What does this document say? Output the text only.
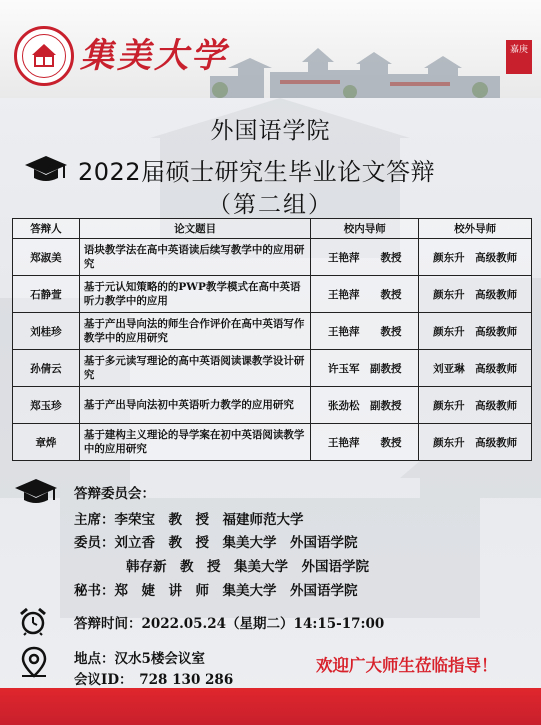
集美大学	嘉庚
外国语学院
2022届硕士研究生毕业论文答辩
（第二组）
答辩人	论文题目	校内导师	校外导师
郑淑美	语块教学法在高中英语读后续写教学中的应用研究	王艳萍　　教授	颜东升　高级教师
石静萱	基于元认知策略的的PWP教学模式在高中英语听力教学中的应用	王艳萍　　教授	颜东升　高级教师
刘桂珍	基于产出导向法的师生合作评价在高中英语写作教学中的应用研究	王艳萍　　教授	颜东升　高级教师
孙倩云	基于多元读写理论的高中英语阅读课教学设计研究	许玉军　副教授	刘亚琳　高级教师
郑玉珍	基于产出导向法初中英语听力教学的应用研究	张劲松　副教授	颜东升　高级教师
章烨	基于建构主义理论的导学案在初中英语阅读教学中的应用研究	王艳萍　　教授	颜东升　高级教师
答辩委员会：
主席：李荣宝　教　授　福建师范大学
委员：刘立香　教　授　集美大学　外国语学院
韩存新　教　授　集美大学　外国语学院
秘书：郑　婕　讲　师　集美大学　外国语学院
答辩时间：2022.05.24（星期二）14:15-17:00
地点：汉水5楼会议室
会议ID：　728 130 286
欢迎广大师生莅临指导！
